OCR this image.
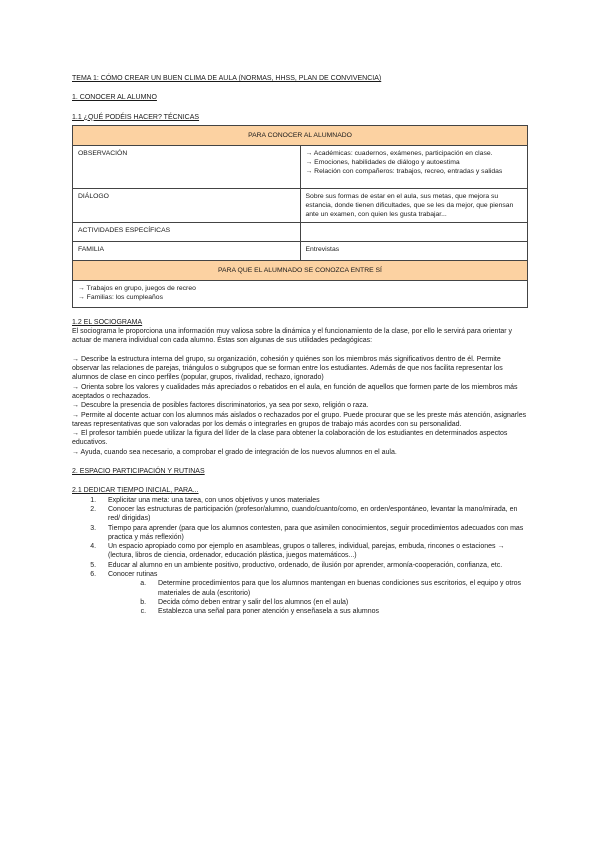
TEMA 1: CÓMO CREAR UN BUEN CLIMA DE AULA (NORMAS, HHSS, PLAN DE CONVIVENCIA)

1. CONOCER AL ALUMNO

1.1 ¿QUÉ PODÉIS HACER? TÉCNICAS

PARA CONOCER AL ALUMNADO	
OBSERVACIÓN	→ Académicas: cuadernos, exámenes, participación en clase.
→ Emociones, habilidades de diálogo y autoestima
→ Relación con compañeros: trabajos, recreo, entradas y salidas

DIÁLOGO	Sobre sus formas de estar en el aula, sus metas, que mejora su estancia, donde tienen dificultades, que se les da mejor, que piensan ante un examen, con quien les gusta trabajar...
ACTIVIDADES ESPECÍFICAS	
FAMILIA	Entrevistas
PARA QUE EL ALUMNADO SE CONOZCA ENTRE SÍ	

→ Trabajos en grupo, juegos de recreo
→ Familias: los cumpleaños	

1.2 EL SOCIOGRAMA

El sociograma le proporciona una información muy valiosa sobre la dinámica y el funcionamiento de la clase, por ello le servirá para orientar y actuar de manera individual con cada alumno. Éstas son algunas de sus utilidades pedagógicas:

→ Describe la estructura interna del grupo, su organización, cohesión y quiénes son los miembros más significativos dentro de él. Permite observar las relaciones de parejas, triángulos o subgrupos que se forman entre los estudiantes. Además de que nos facilita representar los alumnos de clase en cinco perfiles (popular, grupos, rivalidad, rechazo, ignorado)

→ Orienta sobre los valores y cualidades más apreciados o rebatidos en el aula, en función de aquellos que formen parte de los miembros más aceptados o rechazados.

→ Descubre la presencia de posibles factores discriminatorios, ya sea por sexo, religión o raza.

→ Permite al docente actuar con los alumnos más aislados o rechazados por el grupo. Puede procurar que se les preste más atención, asignarles tareas representativas que son valoradas por los demás o integrarles en grupos de trabajo más acordes con su personalidad.

→ El profesor también puede utilizar la figura del líder de la clase para obtener la colaboración de los estudiantes en determinados aspectos educativos.

→ Ayuda, cuando sea necesario, a comprobar el grado de integración de los nuevos alumnos en el aula.

2. ESPACIO PARTICIPACIÓN Y RUTINAS

2.1 DEDICAR TIEMPO INICIAL, PARA...

1. Explicitar una meta: una tarea, con unos objetivos y unos materiales
2. Conocer las estructuras de participación (profesor/alumno, cuando/cuanto/como, en orden/espontáneo, levantar la mano/mirada, en red/ dirigidas)
3. Tiempo para aprender (para que los alumnos contesten, para que asimilen conocimientos, seguir procedimientos adecuados con mas practica y más reflexión)
4. Un espacio apropiado como por ejemplo en asambleas, grupos o talleres, individual, parejas, embuda, rincones o estaciones → (lectura, libros de ciencia, ordenador, educación plástica, juegos matemáticos...)
5. Educar al alumno en un ambiente positivo, productivo, ordenado, de ilusión por aprender, armonía-cooperación, confianza, etc.
6. Conocer rutinas
a. Determine procedimientos para que los alumnos mantengan en buenas condiciones sus escritorios, el equipo y otros materiales de aula (escritorio)
b. Decida cómo deben entrar y salir del los alumnos (en el aula)
c. Establezca una señal para poner atención y enseñasela a sus alumnos
